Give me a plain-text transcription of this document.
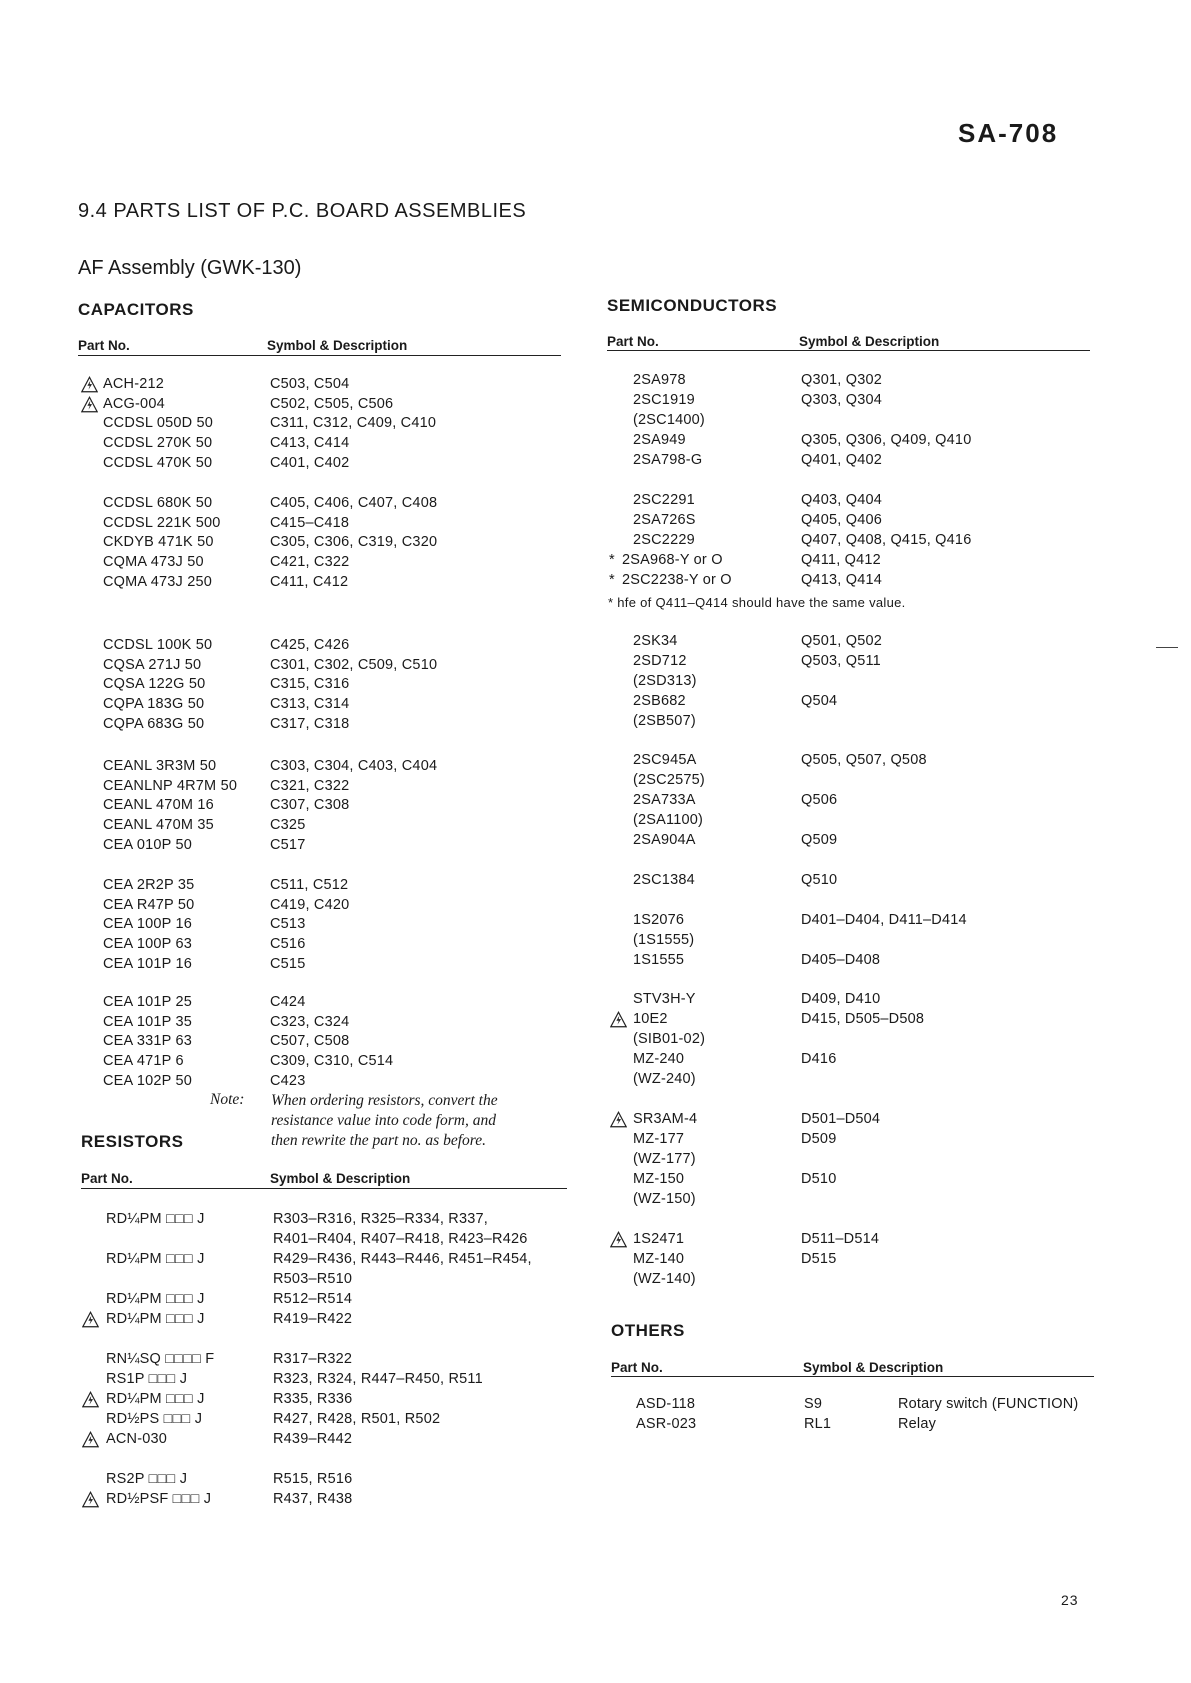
SA-708
9.4 PARTS LIST OF P.C. BOARD ASSEMBLIES
AF Assembly (GWK-130)
CAPACITORS
Part No.	Symbol & Description
ACH-212	C503, C504
ACG-004	C502, C505, C506
CCDSL 050D 50	C311, C312, C409, C410
CCDSL 270K 50	C413, C414
CCDSL 470K 50	C401, C402
CCDSL 680K 50	C405, C406, C407, C408
CCDSL 221K 500	C415–C418
CKDYB 471K 50	C305, C306, C319, C320
CQMA 473J 50	C421, C322
CQMA 473J 250	C411, C412
CCDSL 100K 50	C425, C426
CQSA 271J 50	C301, C302, C509, C510
CQSA 122G 50	C315, C316
CQPA 183G 50	C313, C314
CQPA 683G 50	C317, C318
CEANL 3R3M 50	C303, C304, C403, C404
CEANLNP 4R7M 50 C321, C322
CEANL 470M 16	C307, C308
CEANL 470M 35	C325
CEA 010P 50	C517
CEA 2R2P 35	C511, C512
CEA R47P 50	C419, C420
CEA 100P 16	C513
CEA 100P 63	C516
CEA 101P 16	C515
CEA 101P 25	C424
CEA 101P 35	C323, C324
CEA 331P 63	C507, C508
CEA 471P 6	C309, C310, C514
CEA 102P 50	C423
Note: When ordering resistors, convert the
resistance value into code form, and
then rewrite the part no. as before.
RESISTORS
Part No.	Symbol & Description
RD¼PM □□□ J	R303–R316, R325–R334, R337,
R401–R404, R407–R418, R423–R426
RD¼PM □□□ J	R429–R436, R443–R446, R451–R454,
R503–R510
RD¼PM □□□ J	R512–R514
RD¼PM □□□ J	R419–R422
RN¼SQ □□□□ F	R317–R322
RS1P □□□ J	R323, R324, R447–R450, R511
RD¼PM □□□ J	R335, R336
RD½PS □□□ J	R427, R428, R501, R502
ACN-030	R439–R442
RS2P □□□ J	R515, R516
RD½PSF □□□ J	R437, R438
SEMICONDUCTORS
Part No.	Symbol & Description
2SA978	Q301, Q302
2SC1919	Q303, Q304
(2SC1400)
2SA949	Q305, Q306, Q409, Q410
2SA798-G	Q401, Q402
2SC2291	Q403, Q404
2SA726S	Q405, Q406
2SC2229	Q407, Q408, Q415, Q416
* 2SA968-Y or O	Q411, Q412
* 2SC2238-Y or O	Q413, Q414
2SK34	Q501, Q502
2SD712	Q503, Q511
(2SD313)
2SB682	Q504
(2SB507)
2SC945A	Q505, Q507, Q508
(2SC2575)
2SA733A	Q506
(2SA1100)
2SA904A	Q509
2SC1384	Q510
1S2076	D401–D404, D411–D414
(1S1555)
1S1555	D405–D408
STV3H-Y	D409, D410
10E2	D415, D505–D508
(SIB01-02)
MZ-240	D416
(WZ-240)
SR3AM-4	D501–D504
MZ-177	D509
(WZ-177)
MZ-150	D510
(WZ-150)
1S2471	D511–D514
MZ-140	D515
(WZ-140)
* hfe of Q411–Q414 should have the same value.
OTHERS
Part No.	Symbol & Description
ASD-118	S9	Rotary switch (FUNCTION)
ASR-023	RL1	Relay
23
